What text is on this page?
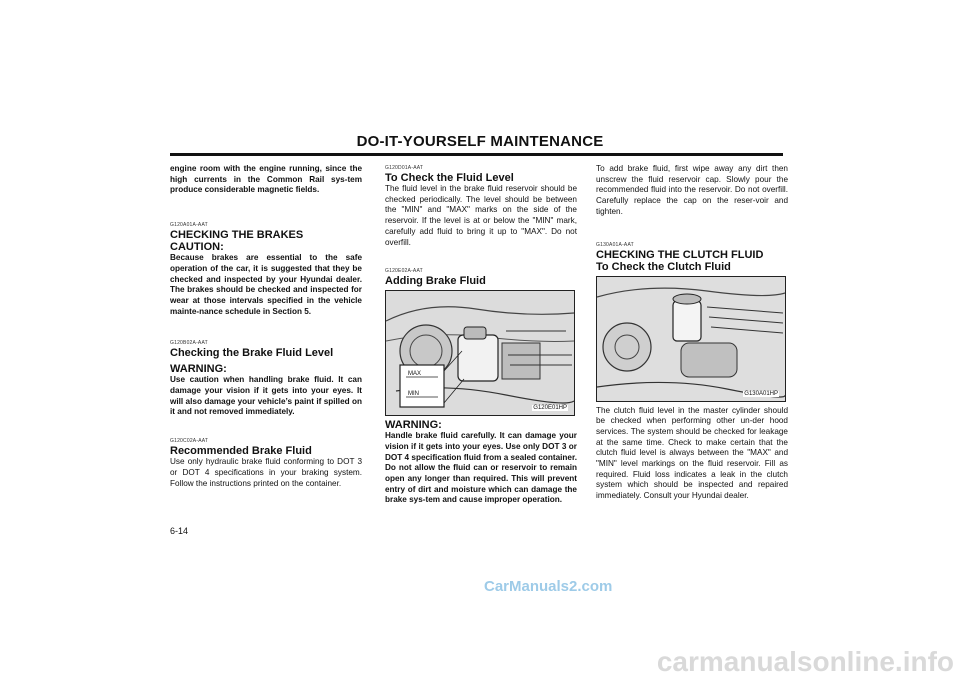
DO-IT-YOURSELF MAINTENANCE

engine room with the engine running, since the high currents in the Common Rail sys-tem produce considerable magnetic fields.

G120A01A-AAT

CHECKING THE BRAKES

CAUTION:

Because brakes are essential to the safe operation of the car, it is suggested that they be checked and inspected by your Hyundai dealer. The brakes should be checked and inspected for wear at those intervals specified in the vehicle mainte-nance schedule in Section 5.

G120B02A-AAT

Checking the Brake Fluid Level

WARNING:

Use caution when handling brake fluid. It can damage your vision if it gets into your eyes. It will also damage your vehicle’s paint if spilled on it and not removed immediately.

G120C02A-AAT

Recommended Brake Fluid

Use only hydraulic brake fluid conforming to DOT 3 or DOT 4 specifications in your braking system. Follow the instructions printed on the container.

G120D01A-AAT

To Check the Fluid Level

The fluid level in the brake fluid reservoir should be checked periodically. The level should be between the "MIN" and "MAX" marks on the side of the reservoir. If the level is at or below the "MIN" mark, carefully add fluid to bring it up to "MAX". Do not overfill.

G120E02A-AAT

Adding Brake Fluid

MAX
MIN
G120E01HP

WARNING:

Handle brake fluid carefully. It can damage your vision if it gets into your eyes. Use only DOT 3 or DOT 4 specification fluid from a sealed container. Do not allow the fluid can or reservoir to remain open any longer than required. This will prevent entry of dirt and moisture which can damage the brake sys-tem and cause improper operation.

To add brake fluid, first wipe away any dirt then unscrew the fluid reservoir cap. Slowly pour the recommended fluid into the reservoir. Do not overfill. Carefully replace the cap on the reser-voir and tighten.

G130A01A-AAT

CHECKING THE CLUTCH FLUID

To Check the Clutch Fluid

G130A01HP

The clutch fluid level in the master cylinder should be checked when performing other un-der hood services. The system should be checked for leakage at the same time. Check to make certain that the clutch fluid level is always between the "MAX" and "MIN" level markings on the fluid reservoir. Fill as required. Fluid loss indicates a leak in the clutch system which should be inspected and repaired immediately. Consult your Hyundai dealer.

6-14
CarManuals2.com
carmanualsonline.info
